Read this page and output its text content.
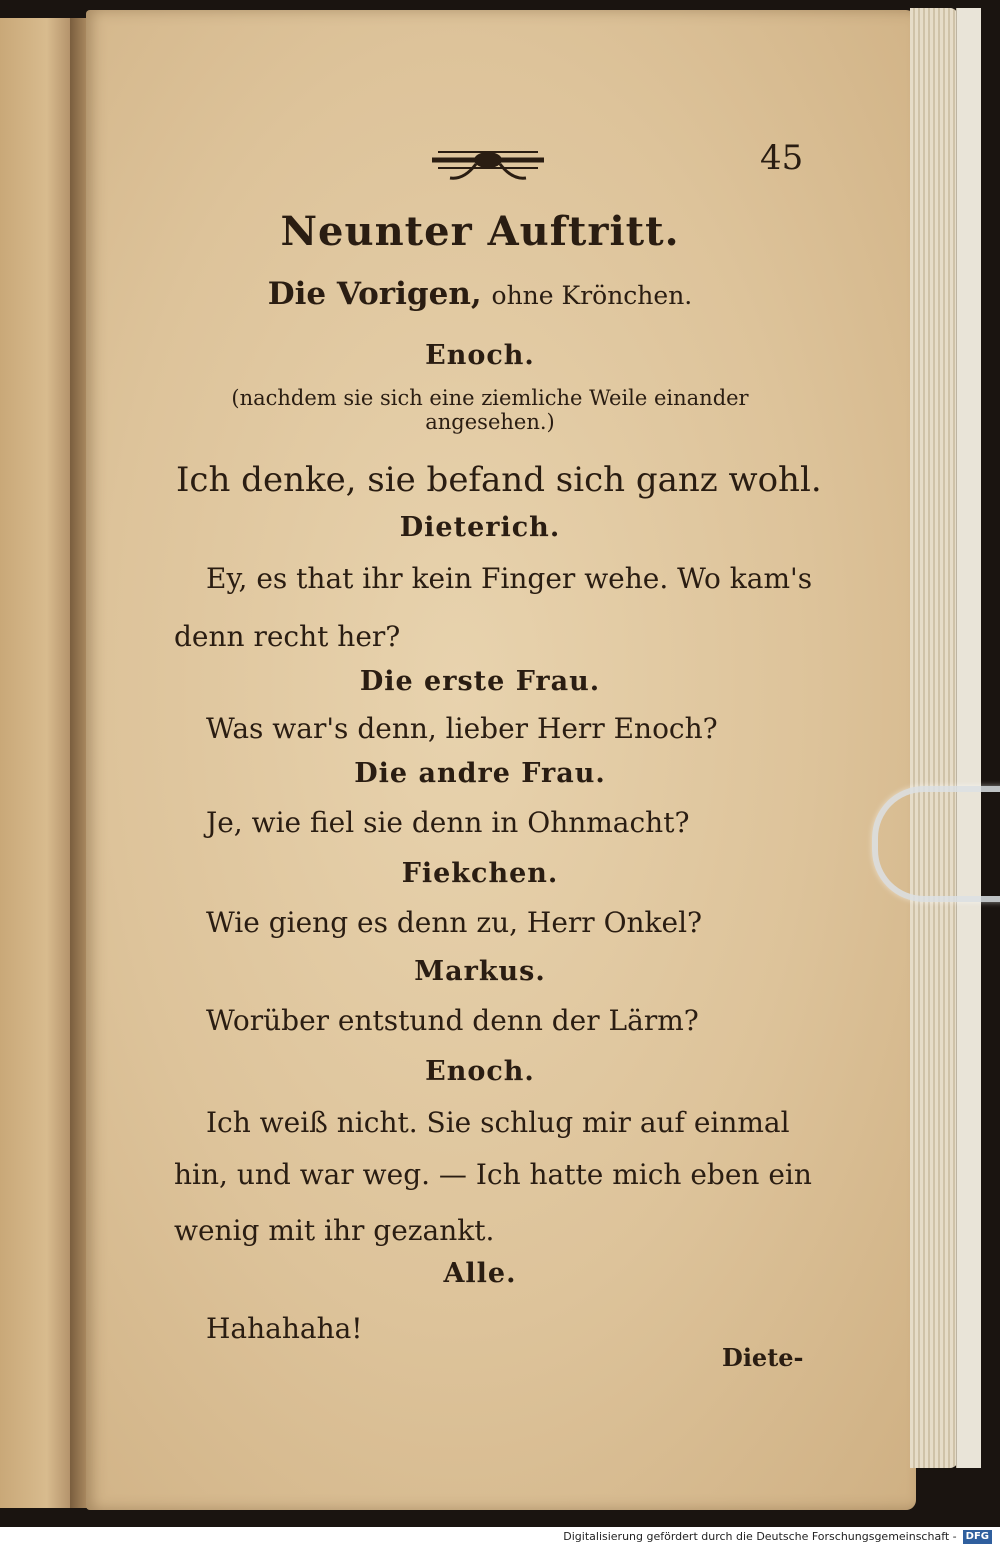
45
Neunter Auftritt.
Die Vorigen, ohne Krönchen.
Enoch.
(nachdem sie sich eine ziemliche Weile einander angesehen.)
Ich denke, sie befand sich ganz wohl.
Dieterich.
Ey, es that ihr kein Finger wehe. Wo kam's
denn recht her?
Die erste Frau.
Was war's denn, lieber Herr Enoch?
Die andre Frau.
Je, wie fiel sie denn in Ohnmacht?
Fiekchen.
Wie gieng es denn zu, Herr Onkel?
Markus.
Worüber entstund denn der Lärm?
Enoch.
Ich weiß nicht. Sie schlug mir auf einmal
hin, und war weg. — Ich hatte mich eben ein
wenig mit ihr gezankt.
Alle.
Hahahaha!
Diete-
Digitalisierung gefördert durch die Deutsche Forschungsgemeinschaft - DFG
